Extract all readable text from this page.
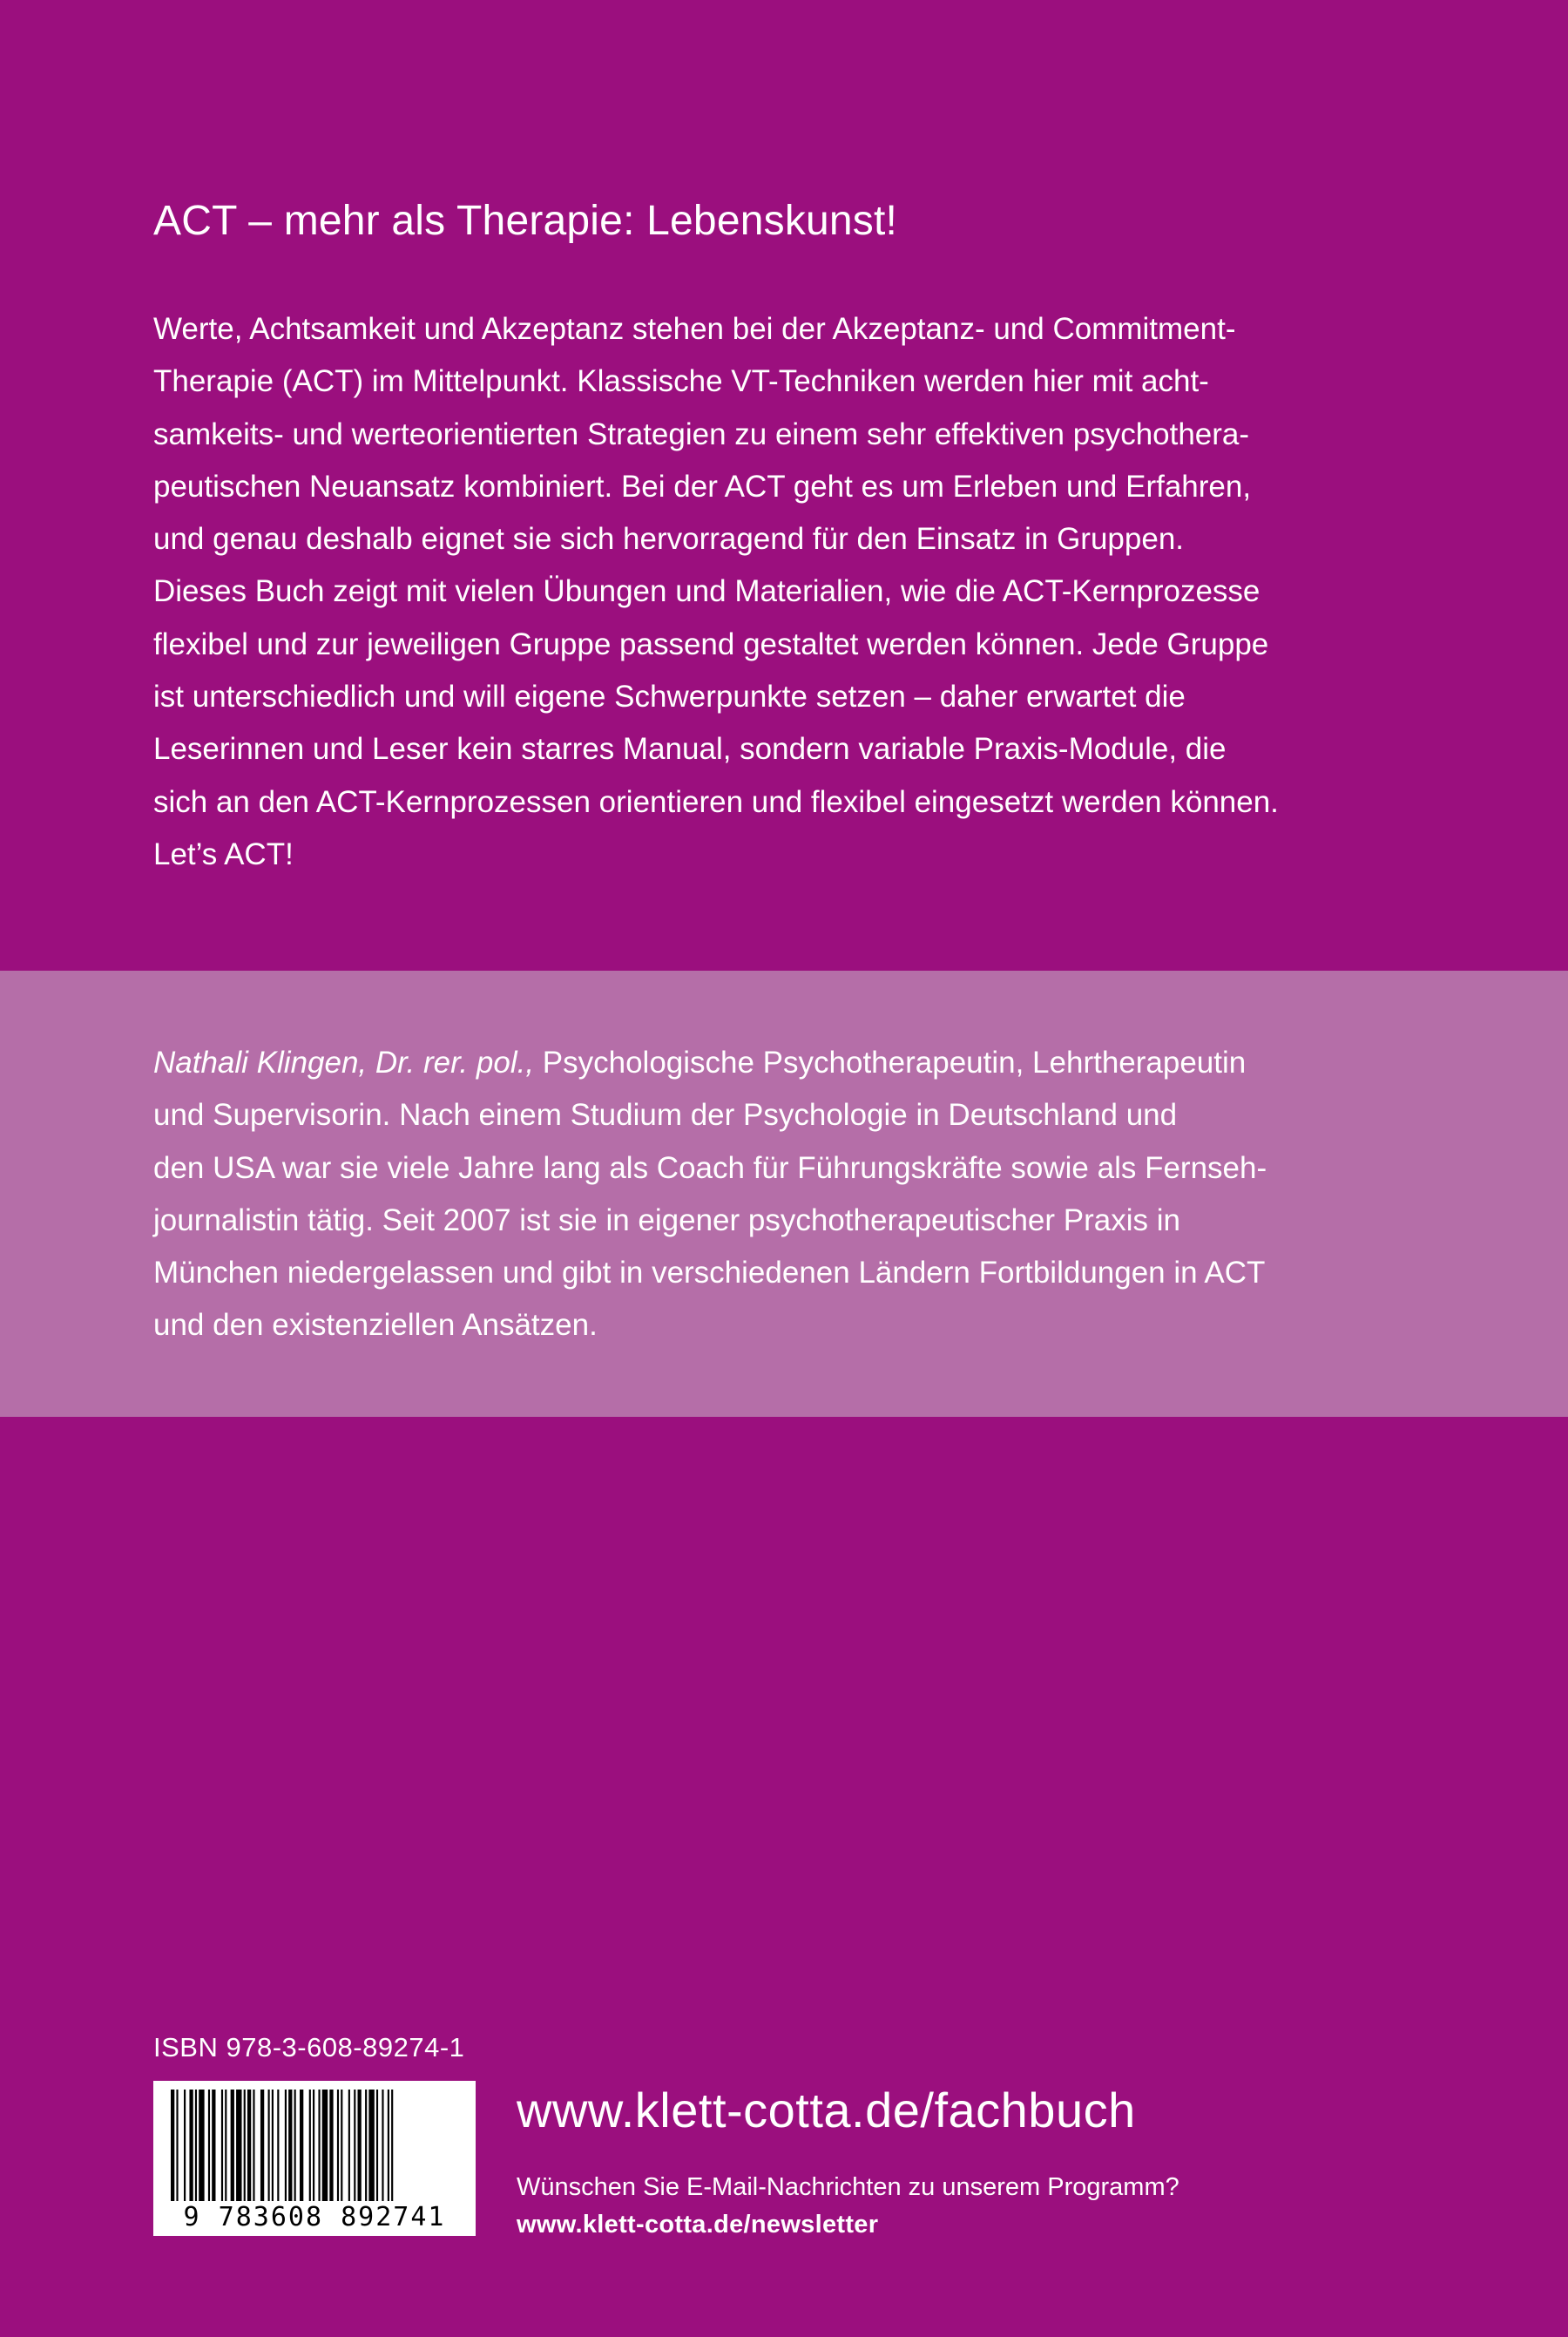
ACT – mehr als Therapie: Lebenskunst!

Werte, Achtsamkeit und Akzeptanz stehen bei der Akzeptanz- und Commitment-
Therapie (ACT) im Mittelpunkt. Klassische VT-Techniken werden hier mit acht-
samkeits- und werteorientierten Strategien zu einem sehr effektiven psychothera-
peutischen Neuansatz kombiniert. Bei der ACT geht es um Erleben und Erfahren,
und genau deshalb eignet sie sich hervorragend für den Einsatz in Gruppen.
Dieses Buch zeigt mit vielen Übungen und Materialien, wie die ACT-Kernprozesse
flexibel und zur jeweiligen Gruppe passend gestaltet werden können. Jede Gruppe
ist unterschiedlich und will eigene Schwerpunkte setzen – daher erwartet die
Leserinnen und Leser kein starres Manual, sondern variable Praxis-Module, die
sich an den ACT-Kernprozessen orientieren und flexibel eingesetzt werden können.
Let’s ACT!

Nathali Klingen, Dr. rer. pol., Psychologische Psychotherapeutin, Lehrtherapeutin
und Supervisorin. Nach einem Studium der Psychologie in Deutschland und
den USA war sie viele Jahre lang als Coach für Führungskräfte sowie als Fernseh-
journalistin tätig. Seit 2007 ist sie in eigener psychotherapeutischer Praxis in
München niedergelassen und gibt in verschiedenen Ländern Fortbildungen in ACT
und den existenziellen Ansätzen.

ISBN 978-3-608-89274-1
9 783608 892741
www.klett-cotta.de/fachbuch
Wünschen Sie E-Mail-Nachrichten zu unserem Programm?
www.klett-cotta.de/newsletter
